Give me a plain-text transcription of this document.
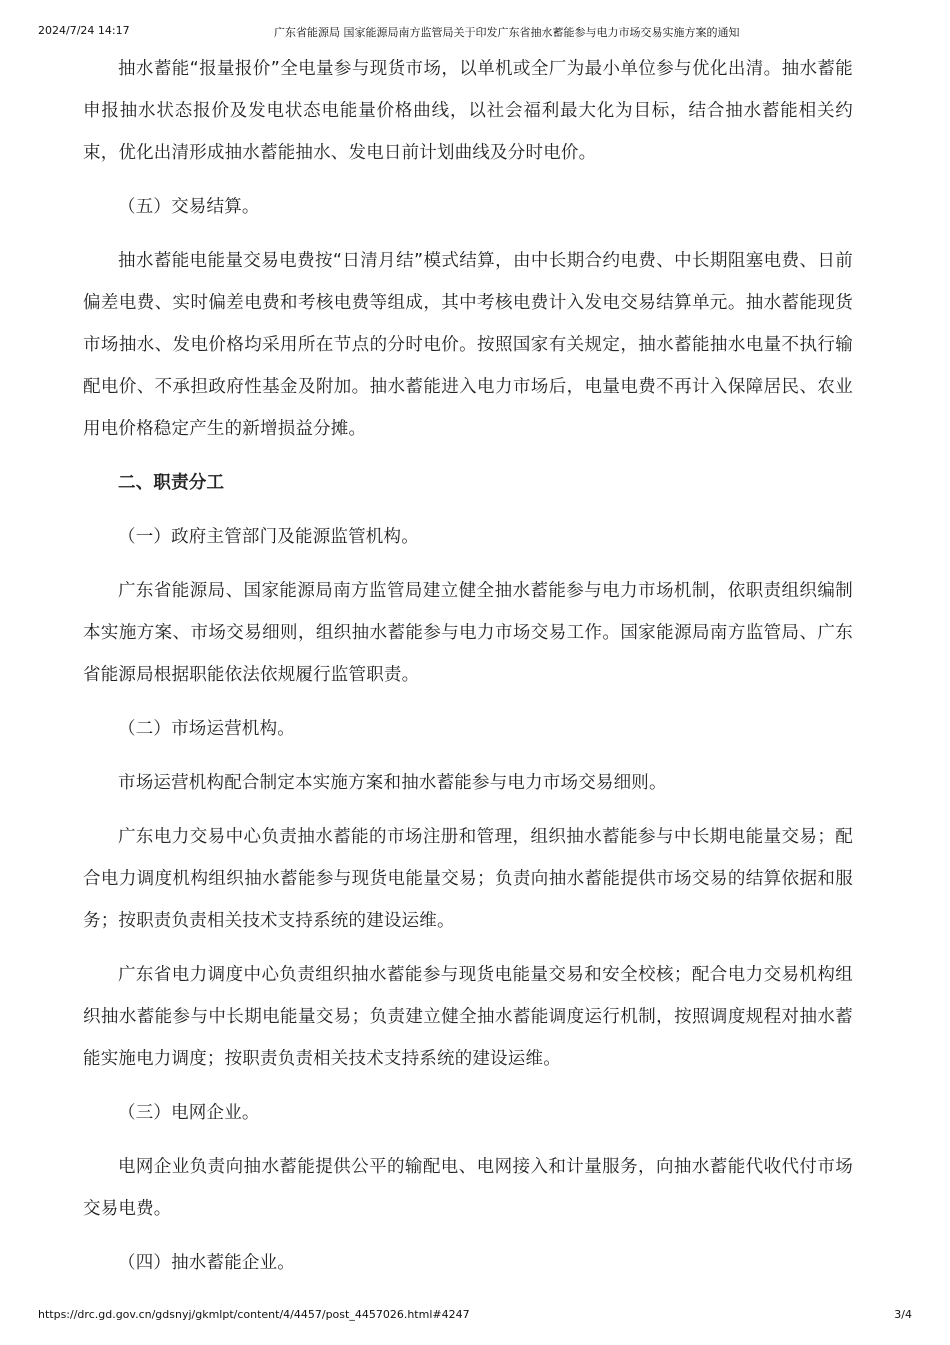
2024/7/24 14:17	广东省能源局 国家能源局南方监管局关于印发广东省抽水蓄能参与电力市场交易实施方案的通知

抽水蓄能“报量报价”全电量参与现货市场，以单机或全厂为最小单位参与优化出清。抽水蓄能申报抽水状态报价及发电状态电能量价格曲线，以社会福利最大化为目标，结合抽水蓄能相关约束，优化出清形成抽水蓄能抽水、发电日前计划曲线及分时电价。

（五）交易结算。

抽水蓄能电能量交易电费按“日清月结”模式结算，由中长期合约电费、中长期阻塞电费、日前偏差电费、实时偏差电费和考核电费等组成，其中考核电费计入发电交易结算单元。抽水蓄能现货市场抽水、发电价格均采用所在节点的分时电价。按照国家有关规定，抽水蓄能抽水电量不执行输配电价、不承担政府性基金及附加。抽水蓄能进入电力市场后，电量电费不再计入保障居民、农业用电价格稳定产生的新增损益分摊。

二、职责分工

（一）政府主管部门及能源监管机构。

广东省能源局、国家能源局南方监管局建立健全抽水蓄能参与电力市场机制，依职责组织编制本实施方案、市场交易细则，组织抽水蓄能参与电力市场交易工作。国家能源局南方监管局、广东省能源局根据职能依法依规履行监管职责。

（二）市场运营机构。

市场运营机构配合制定本实施方案和抽水蓄能参与电力市场交易细则。

广东电力交易中心负责抽水蓄能的市场注册和管理，组织抽水蓄能参与中长期电能量交易；配合电力调度机构组织抽水蓄能参与现货电能量交易；负责向抽水蓄能提供市场交易的结算依据和服务；按职责负责相关技术支持系统的建设运维。

广东省电力调度中心负责组织抽水蓄能参与现货电能量交易和安全校核；配合电力交易机构组织抽水蓄能参与中长期电能量交易；负责建立健全抽水蓄能调度运行机制，按照调度规程对抽水蓄能实施电力调度；按职责负责相关技术支持系统的建设运维。

（三）电网企业。

电网企业负责向抽水蓄能提供公平的输配电、电网接入和计量服务，向抽水蓄能代收代付市场交易电费。

（四）抽水蓄能企业。

https://drc.gd.gov.cn/gdsnyj/gkmlpt/content/4/4457/post_4457026.html#4247	3/4
